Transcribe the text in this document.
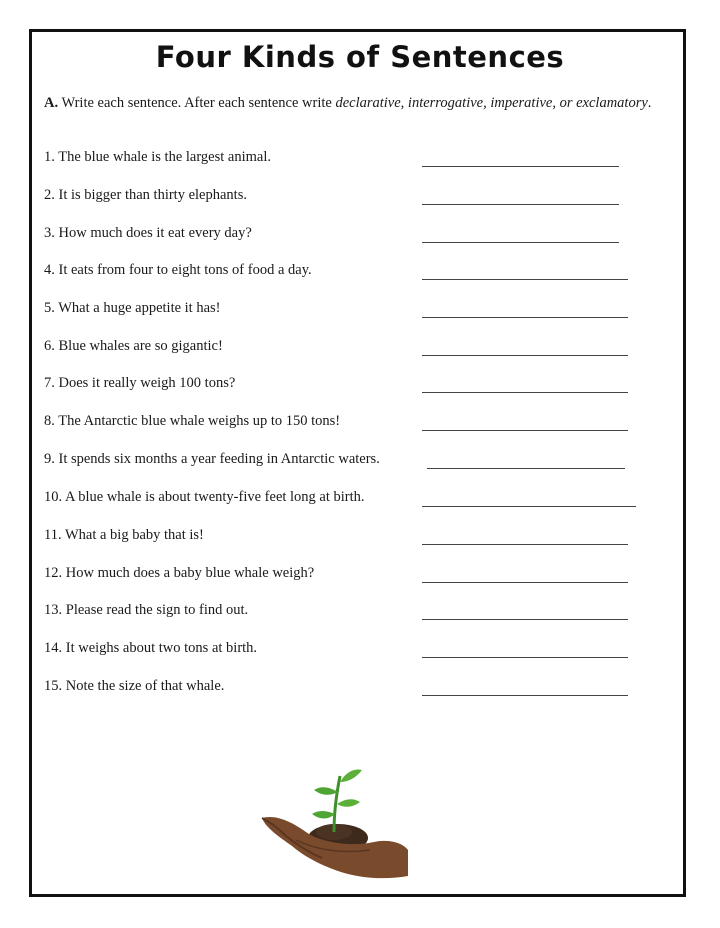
Four Kinds of Sentences
A. Write each sentence. After each sentence write declarative, interrogative, imperative, or exclamatory.
1. The blue whale is the largest animal.
2. It is bigger than thirty elephants.
3. How much does it eat every day?
4. It eats from four to eight tons of food a day.
5. What a huge appetite it has!
6. Blue whales are so gigantic!
7. Does it really weigh 100 tons?
8. The Antarctic blue whale weighs up to 150 tons!
9. It spends six months a year feeding in Antarctic waters.
10. A blue whale is about twenty-five feet long at birth.
11. What a big baby that is!
12. How much does a baby blue whale weigh?
13. Please read the sign to find out.
14. It weighs about two tons at birth.
15. Note the size of that whale.
